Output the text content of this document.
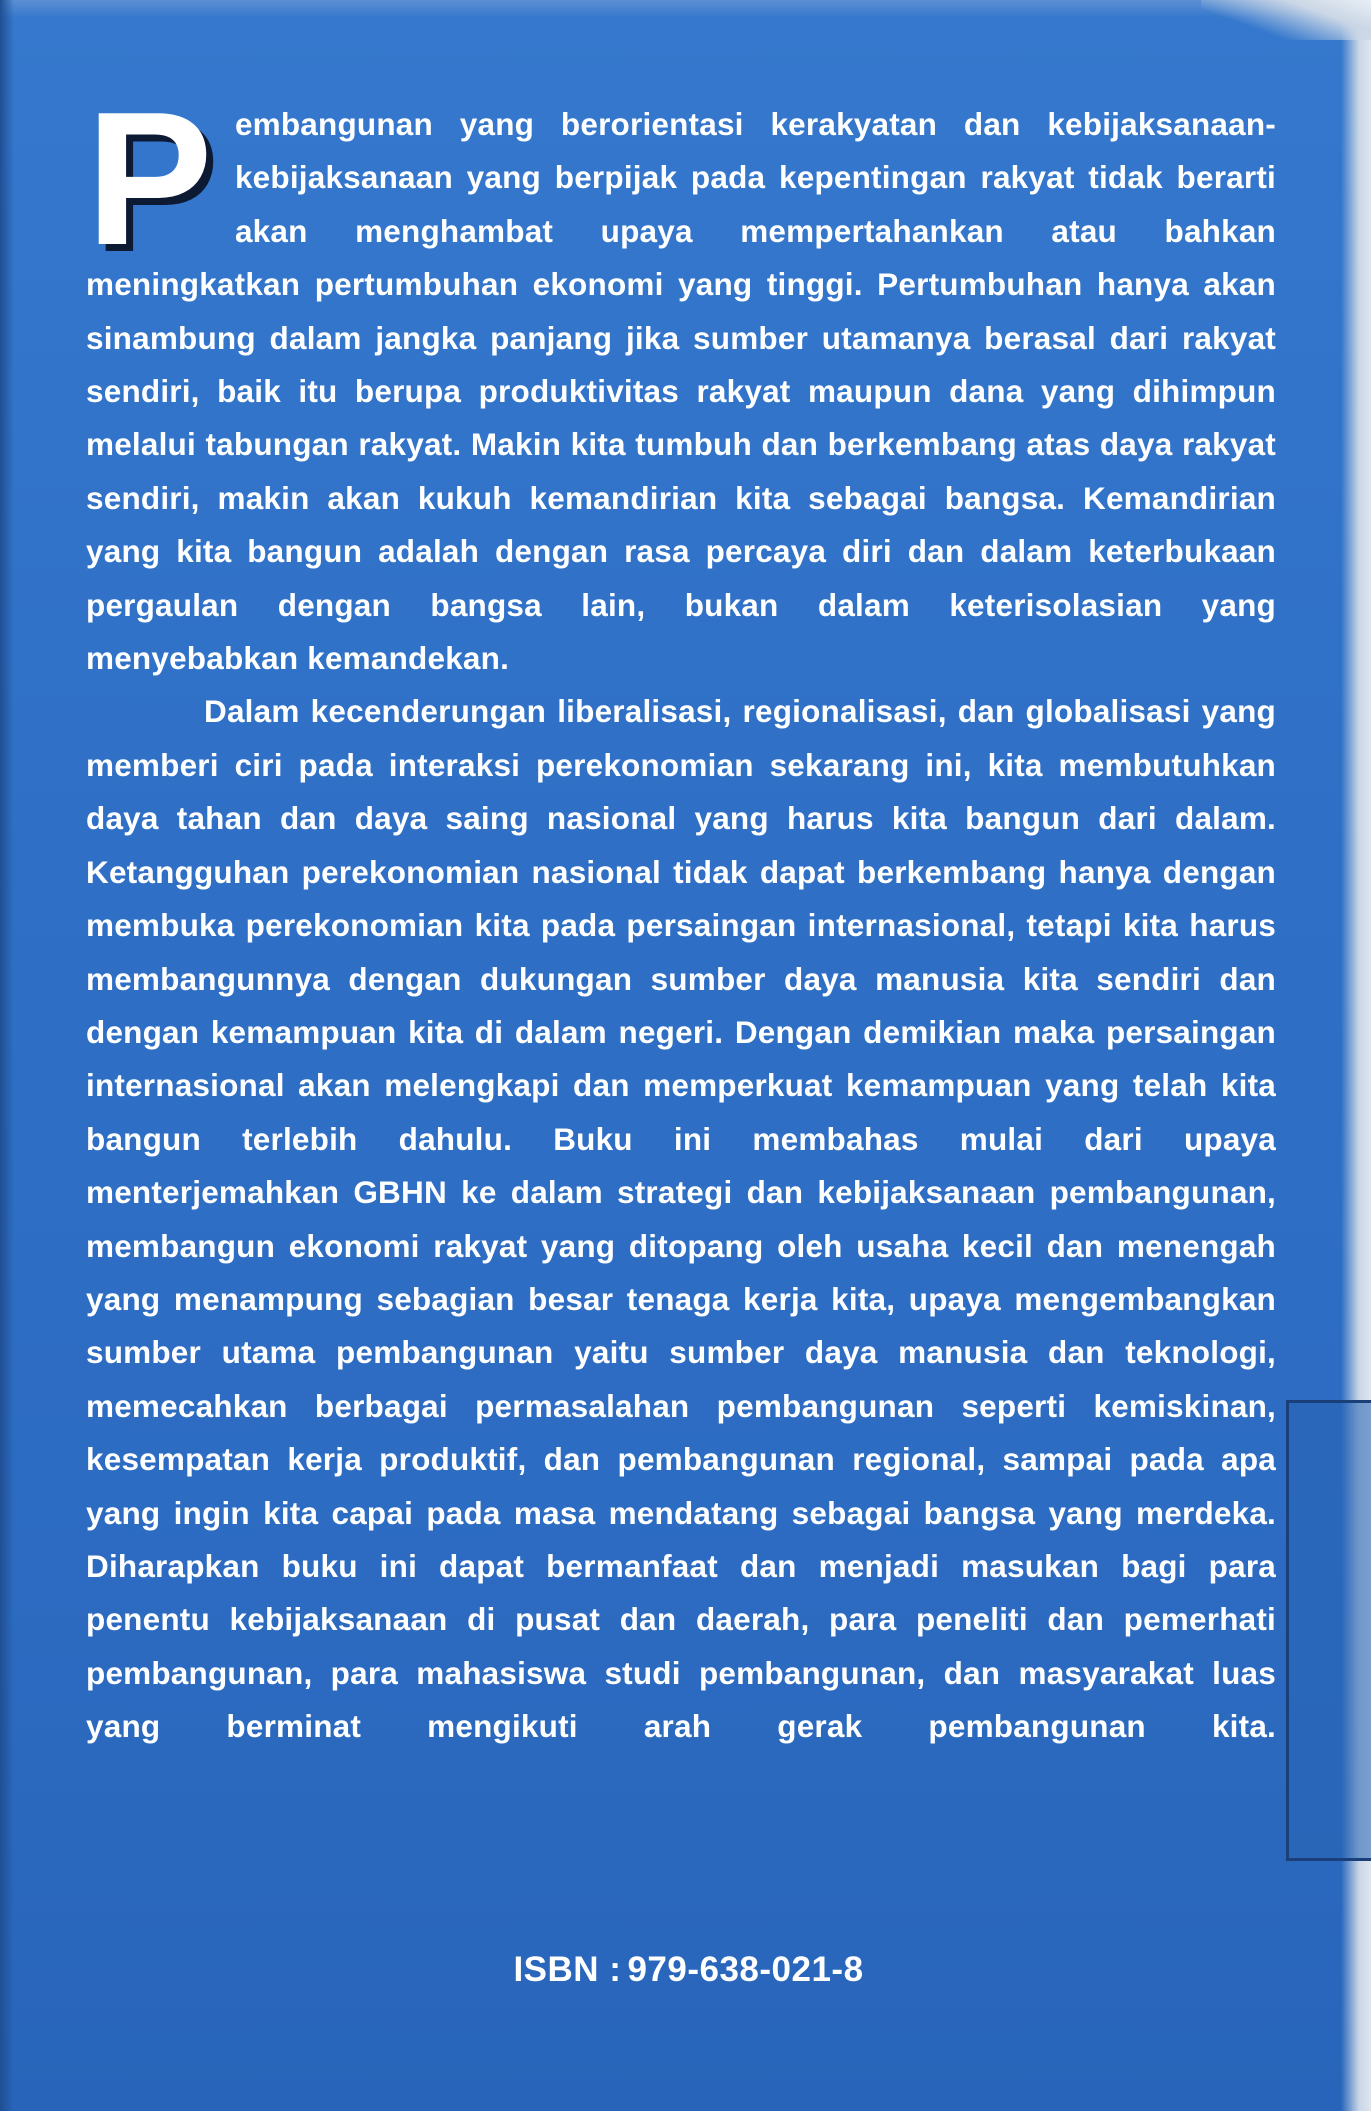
Pembangunan yang berorientasi kerakyatan dan kebijaksanaan-kebijaksanaan yang berpijak pada kepentingan rakyat tidak berarti akan menghambat upaya mempertahankan atau bahkan meningkatkan pertumbuhan ekonomi yang tinggi. Pertumbuhan hanya akan sinambung dalam jangka panjang jika sumber utamanya berasal dari rakyat sendiri, baik itu berupa produktivitas rakyat maupun dana yang dihimpun melalui tabungan rakyat. Makin kita tumbuh dan berkembang atas daya rakyat sendiri, makin akan kukuh kemandirian kita sebagai bangsa. Kemandirian yang kita bangun adalah dengan rasa percaya diri dan dalam keterbukaan pergaulan dengan bangsa lain, bukan dalam keterisolasian yang menyebabkan kemandekan.

Dalam kecenderungan liberalisasi, regionalisasi, dan globalisasi yang memberi ciri pada interaksi perekonomian sekarang ini, kita membutuhkan daya tahan dan daya saing nasional yang harus kita bangun dari dalam. Ketangguhan perekonomian nasional tidak dapat berkembang hanya dengan membuka perekonomian kita pada persaingan internasional, tetapi kita harus membangunnya dengan dukungan sumber daya manusia kita sendiri dan dengan kemampuan kita di dalam negeri. Dengan demikian maka persaingan internasional akan melengkapi dan memperkuat kemampuan yang telah kita bangun terlebih dahulu. Buku ini membahas mulai dari upaya menterjemahkan GBHN ke dalam strategi dan kebijaksanaan pembangunan, membangun ekonomi rakyat yang ditopang oleh usaha kecil dan menengah yang menampung sebagian besar tenaga kerja kita, upaya mengembangkan sumber utama pembangunan yaitu sumber daya manusia dan teknologi, memecahkan berbagai permasalahan pembangunan seperti kemiskinan, kesempatan kerja produktif, dan pembangunan regional, sampai pada apa yang ingin kita capai pada masa mendatang sebagai bangsa yang merdeka. Diharapkan buku ini dapat bermanfaat dan menjadi masukan bagi para penentu kebijaksanaan di pusat dan daerah, para peneliti dan pemerhati pembangunan, para mahasiswa studi pembangunan, dan masyarakat luas yang berminat mengikuti arah gerak pembangunan kita.

ISBN : 979-638-021-8
